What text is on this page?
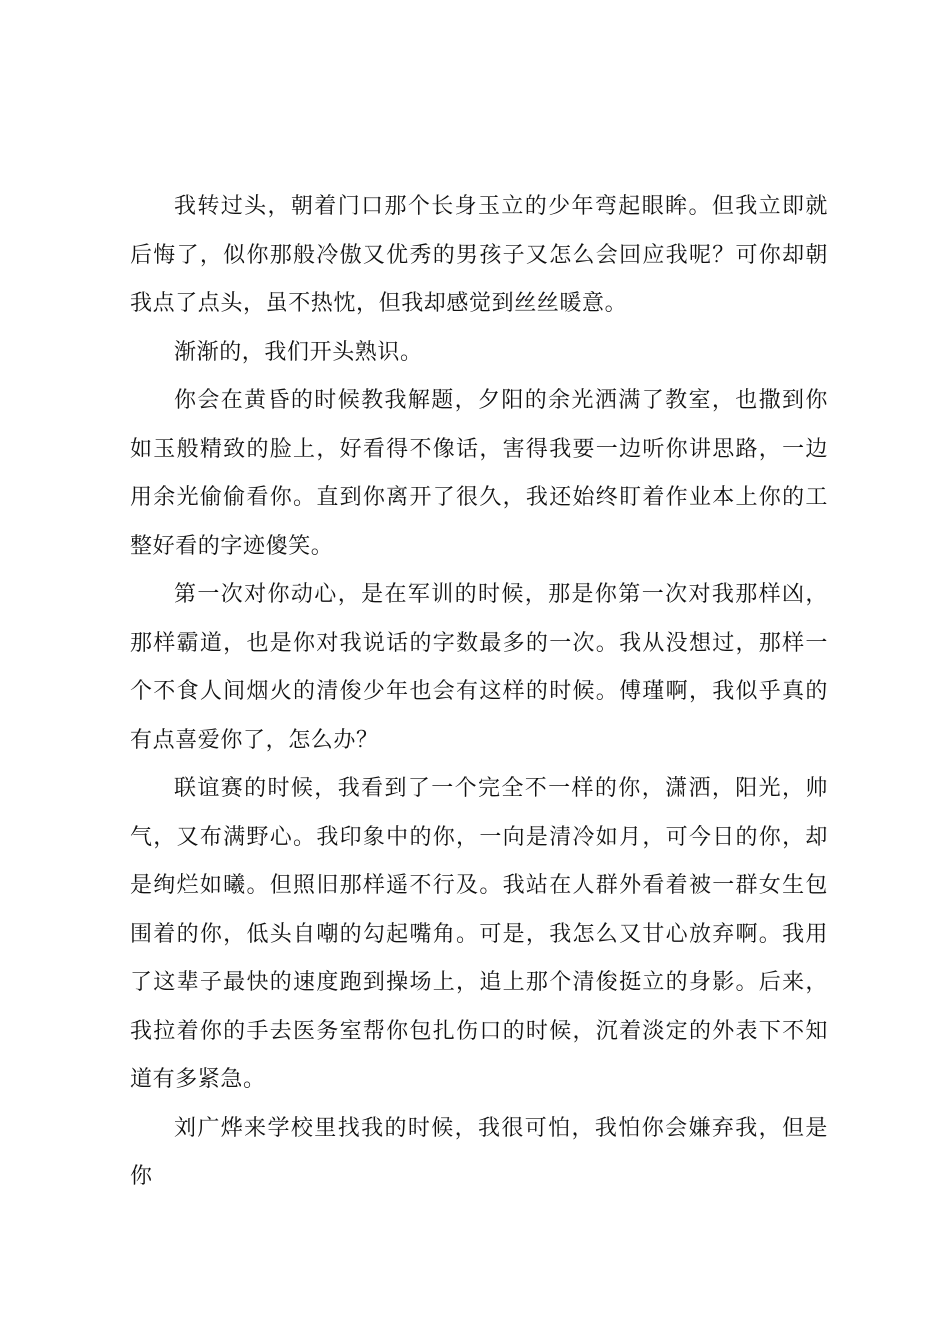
我转过头，朝着门口那个长身玉立的少年弯起眼眸。但我立即就后悔了，似你那般冷傲又优秀的男孩子又怎么会回应我呢？可你却朝我点了点头，虽不热忱，但我却感觉到丝丝暖意。

渐渐的，我们开头熟识。

你会在黄昏的时候教我解题，夕阳的余光洒满了教室，也撒到你如玉般精致的脸上，好看得不像话，害得我要一边听你讲思路，一边用余光偷偷看你。直到你离开了很久，我还始终盯着作业本上你的工整好看的字迹傻笑。

第一次对你动心，是在军训的时候，那是你第一次对我那样凶，那样霸道，也是你对我说话的字数最多的一次。我从没想过，那样一个不食人间烟火的清俊少年也会有这样的时候。傅瑾啊，我似乎真的有点喜爱你了，怎么办？

联谊赛的时候，我看到了一个完全不一样的你，潇洒，阳光，帅气，又布满野心。我印象中的你，一向是清冷如月，可今日的你，却是绚烂如曦。但照旧那样遥不行及。我站在人群外看着被一群女生包围着的你，低头自嘲的勾起嘴角。可是，我怎么又甘心放弃啊。我用了这辈子最快的速度跑到操场上，追上那个清俊挺立的身影。后来，我拉着你的手去医务室帮你包扎伤口的时候，沉着淡定的外表下不知道有多紧急。

刘广烨来学校里找我的时候，我很可怕，我怕你会嫌弃我，但是你
